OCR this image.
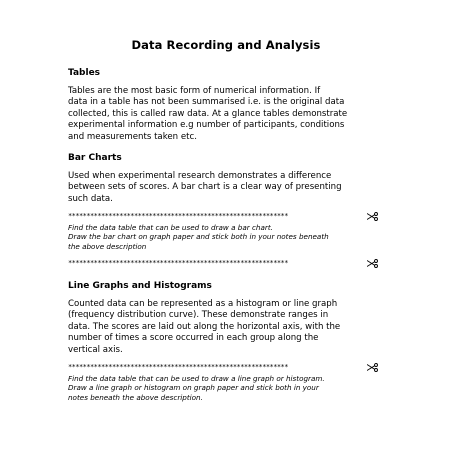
Data Recording and Analysis
Tables
Tables are the most basic form of numerical information. If
data in a table has not been summarised i.e. is the original data
collected, this is called raw data. At a glance tables demonstrate
experimental information e.g number of participants, conditions
and measurements taken etc.
Bar Charts
Used when experimental research demonstrates a difference
between sets of scores. A bar chart is a clear way of presenting
such data.
************************************************************
Find the data table that can be used to draw a bar chart.
Draw the bar chart on graph paper and stick both in your notes beneath
the above description
************************************************************
Line Graphs and Histograms
Counted data can be represented as a histogram or line graph
(frequency distribution curve). These demonstrate ranges in
data. The scores are laid out along the horizontal axis, with the
number of times a score occurred in each group along the
vertical axis.
************************************************************
Find the data table that can be used to draw a line graph or histogram.
Draw a line graph or histogram on graph paper and stick both in your
notes beneath the above description.
